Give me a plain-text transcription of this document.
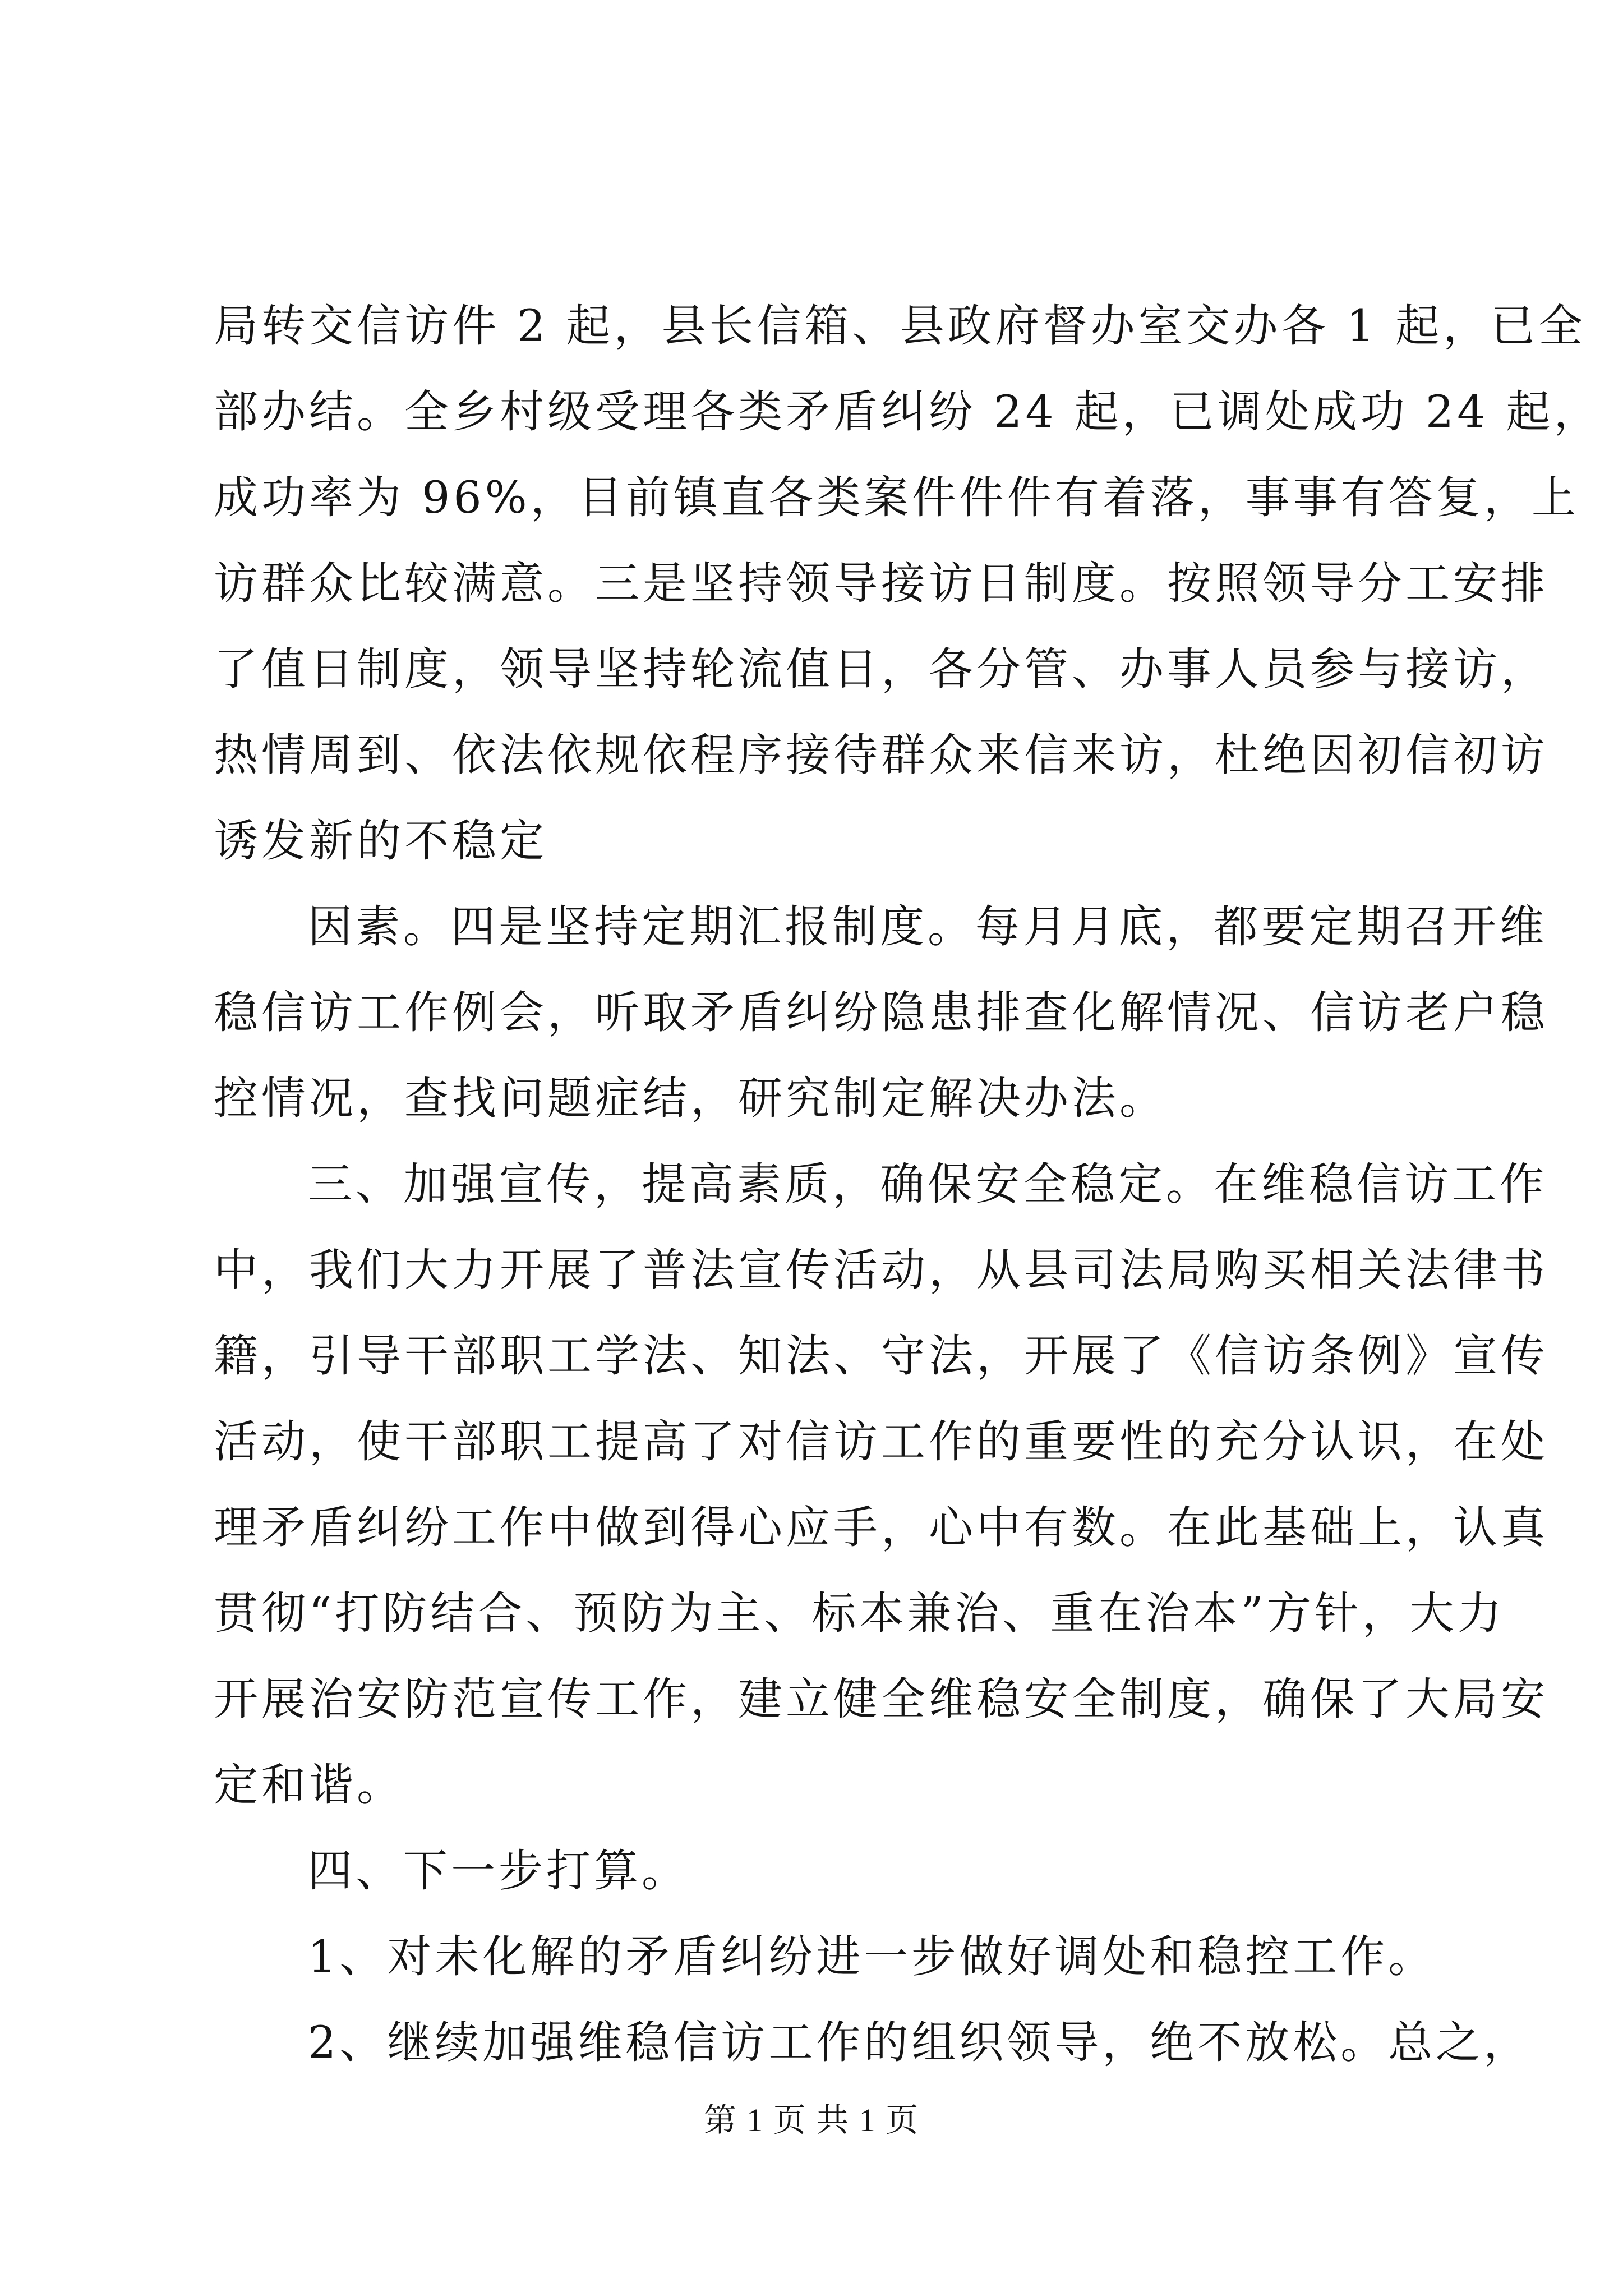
局转交信访件 2 起，县长信箱、县政府督办室交办各 1 起，已全
部办结。全乡村级受理各类矛盾纠纷 24 起，已调处成功 24 起，
成功率为 96%，目前镇直各类案件件件有着落，事事有答复，上
访群众比较满意。三是坚持领导接访日制度。按照领导分工安排
了值日制度，领导坚持轮流值日，各分管、办事人员参与接访，
热情周到、依法依规依程序接待群众来信来访，杜绝因初信初访
诱发新的不稳定
因素。四是坚持定期汇报制度。每月月底，都要定期召开维
稳信访工作例会，听取矛盾纠纷隐患排查化解情况、信访老户稳
控情况，查找问题症结，研究制定解决办法。
三、加强宣传，提高素质，确保安全稳定。在维稳信访工作
中，我们大力开展了普法宣传活动，从县司法局购买相关法律书
籍，引导干部职工学法、知法、守法，开展了《信访条例》宣传
活动，使干部职工提高了对信访工作的重要性的充分认识，在处
理矛盾纠纷工作中做到得心应手，心中有数。在此基础上，认真
贯彻“打防结合、预防为主、标本兼治、重在治本”方针，大力
开展治安防范宣传工作，建立健全维稳安全制度，确保了大局安
定和谐。
四、下一步打算。
1、对未化解的矛盾纠纷进一步做好调处和稳控工作。
2、继续加强维稳信访工作的组织领导，绝不放松。总之，
第 1 页 共 1 页
